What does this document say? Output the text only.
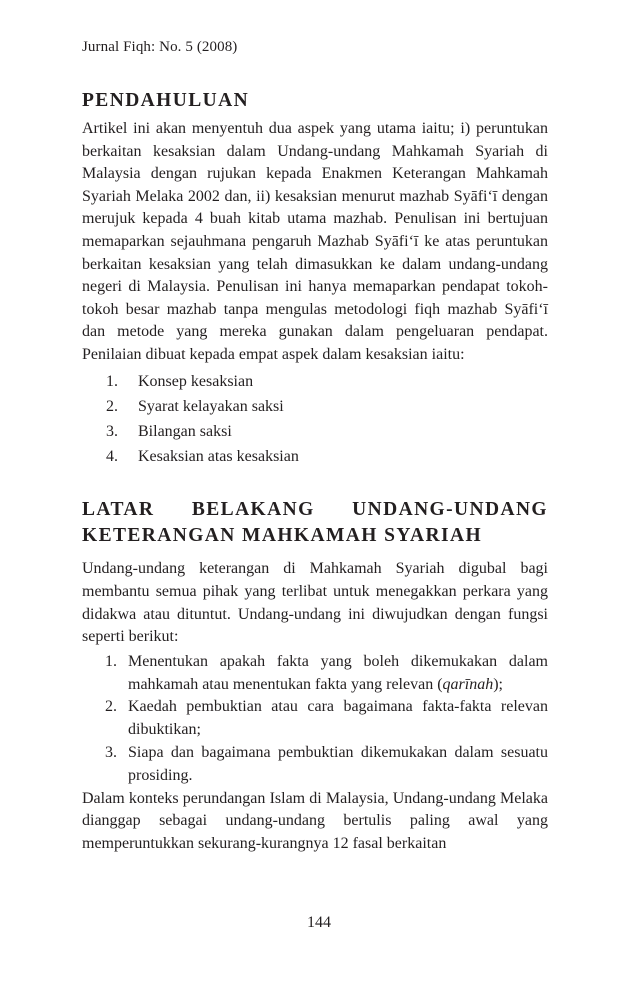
Jurnal Fiqh: No. 5 (2008)
PENDAHULUAN

Artikel ini akan menyentuh dua aspek yang utama iaitu; i) peruntukan berkaitan kesaksian dalam Undang-undang Mahkamah Syariah di Malaysia dengan rujukan kepada Enakmen Keterangan Mahkamah Syariah Melaka 2002 dan, ii) kesaksian menurut mazhab Syāfi‘ī dengan merujuk kepada 4 buah kitab utama mazhab. Penulisan ini bertujuan memaparkan sejauhmana pengaruh Mazhab Syāfi‘ī ke atas peruntukan berkaitan kesaksian yang telah dimasukkan ke dalam undang-undang negeri di Malaysia. Penulisan ini hanya memaparkan pendapat tokoh-tokoh besar mazhab tanpa mengulas metodologi fiqh mazhab Syāfi‘ī dan metode yang mereka gunakan dalam pengeluaran pendapat. Penilaian dibuat kepada empat aspek dalam kesaksian iaitu:

1. Konsep kesaksian
2. Syarat kelayakan saksi
3. Bilangan saksi
4. Kesaksian atas kesaksian
LATAR BELAKANG UNDANG-UNDANG KETERANGAN MAHKAMAH SYARIAH

Undang-undang keterangan di Mahkamah Syariah digubal bagi membantu semua pihak yang terlibat untuk menegakkan perkara yang didakwa atau dituntut. Undang-undang ini diwujudkan dengan fungsi seperti berikut:

1. Menentukan apakah fakta yang boleh dikemukakan dalam mahkamah atau menentukan fakta yang relevan (qarīnah);
2. Kaedah pembuktian atau cara bagaimana fakta-fakta relevan dibuktikan;
3. Siapa dan bagaimana pembuktian dikemukakan dalam sesuatu prosiding.

Dalam konteks perundangan Islam di Malaysia, Undang-undang Melaka dianggap sebagai undang-undang bertulis paling awal yang memperuntukkan sekurang-kurangnya 12 fasal berkaitan

144
